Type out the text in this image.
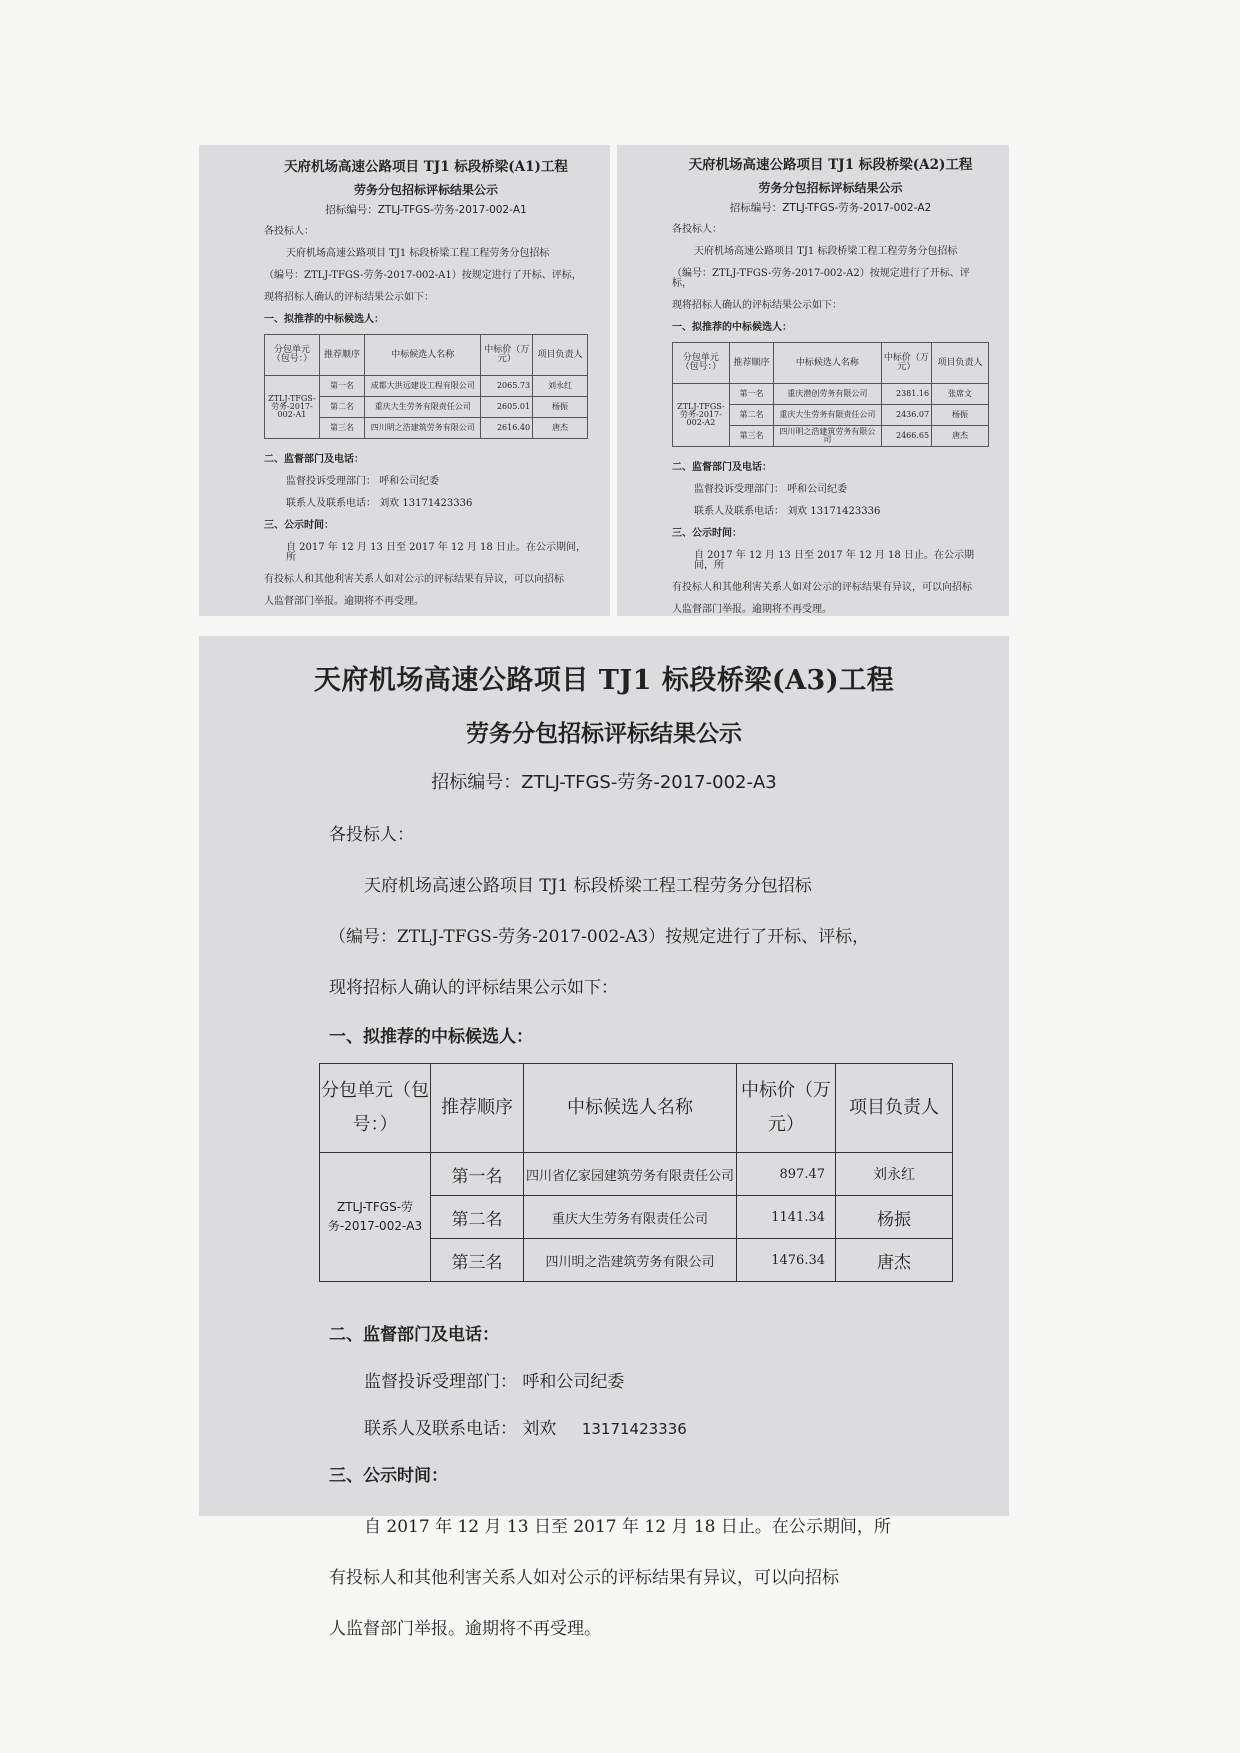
天府机场高速公路项目 TJ1 标段桥梁(A1)工程
劳务分包招标评标结果公示
招标编号：ZTLJ-TFGS-劳务-2017-002-A1

各投标人：

天府机场高速公路项目 TJ1 标段桥梁工程工程劳务分包招标

（编号：ZTLJ-TFGS-劳务-2017-002-A1）按规定进行了开标、评标，

现将招标人确认的评标结果公示如下：

一、拟推荐的中标候选人：

分包单元（包号：）	推荐顺序	中标候选人名称	中标价（万元）	项目负责人
ZTLJ-TFGS-劳务-2017-002-A1	第一名	成都大洪远建设工程有限公司	2065.73	刘永红
	第二名	重庆大生劳务有限责任公司	2605.01	杨振
	第三名	四川明之浩建筑劳务有限公司	2616.40	唐杰

二、监督部门及电话：

监督投诉受理部门： 呼和公司纪委

联系人及联系电话： 刘欢 13171423336

三、公示时间：

自 2017 年 12 月 13 日至 2017 年 12 月 18 日止。在公示期间，所

有投标人和其他利害关系人如对公示的评标结果有异议，可以向招标

人监督部门举报。逾期将不再受理。

天府机场高速公路项目 TJ1 标段桥梁(A2)工程
劳务分包招标评标结果公示
招标编号：ZTLJ-TFGS-劳务-2017-002-A2

各投标人：

天府机场高速公路项目 TJ1 标段桥梁工程工程劳务分包招标

（编号：ZTLJ-TFGS-劳务-2017-002-A2）按规定进行了开标、评标，

现将招标人确认的评标结果公示如下：

一、拟推荐的中标候选人：

分包单元（包号：）	推荐顺序	中标候选人名称	中标价（万元）	项目负责人
ZTLJ-TFGS-劳务-2017-002-A2	第一名	重庆潜创劳务有限公司	2381.16	张席文
	第二名	重庆大生劳务有限责任公司	2436.07	杨振
	第三名	四川明之浩建筑劳务有限公司	2466.65	唐杰

二、监督部门及电话：

监督投诉受理部门： 呼和公司纪委

联系人及联系电话： 刘欢 13171423336

三、公示时间：

自 2017 年 12 月 13 日至 2017 年 12 月 18 日止。在公示期间，所

有投标人和其他利害关系人如对公示的评标结果有异议，可以向招标

人监督部门举报。逾期将不再受理。

天府机场高速公路项目 TJ1 标段桥梁(A3)工程
劳务分包招标评标结果公示
招标编号：ZTLJ-TFGS-劳务-2017-002-A3

各投标人：

天府机场高速公路项目 TJ1 标段桥梁工程工程劳务分包招标

（编号：ZTLJ-TFGS-劳务-2017-002-A3）按规定进行了开标、评标，

现将招标人确认的评标结果公示如下：

一、拟推荐的中标候选人：

分包单元（包号：）	推荐顺序	中标候选人名称	中标价（万元）	项目负责人
ZTLJ-TFGS-劳务-2017-002-A3	第一名	四川省亿家园建筑劳务有限责任公司	897.47	刘永红
	第二名	重庆大生劳务有限责任公司	1141.34	杨振
	第三名	四川明之浩建筑劳务有限公司	1476.34	唐杰

二、监督部门及电话：

监督投诉受理部门： 呼和公司纪委

联系人及联系电话： 刘欢 13171423336

三、公示时间：

自 2017 年 12 月 13 日至 2017 年 12 月 18 日止。在公示期间，所

有投标人和其他利害关系人如对公示的评标结果有异议，可以向招标

人监督部门举报。逾期将不再受理。
